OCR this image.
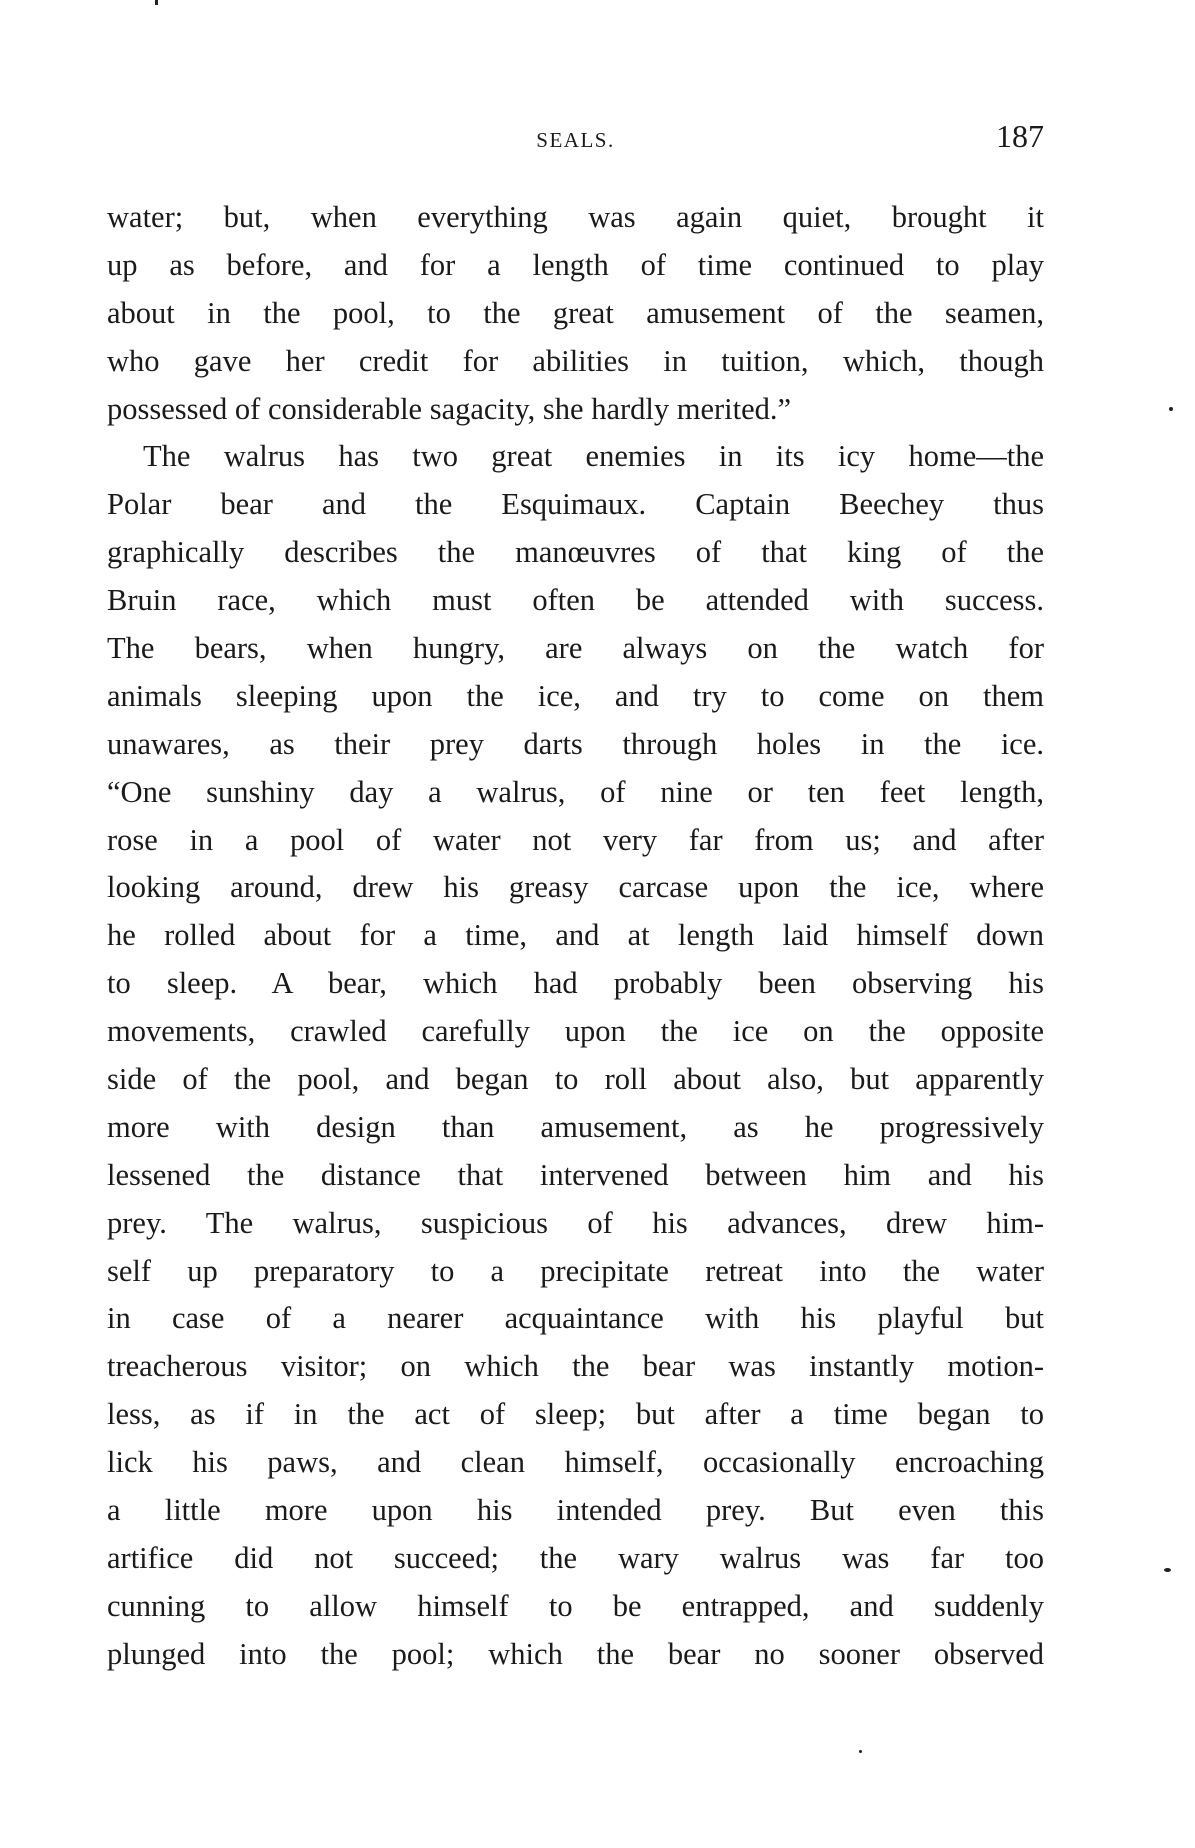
SEALS.	187
water; but, when everything was again quiet, brought it
up as before, and for a length of time continued to play
about in the pool, to the great amusement of the seamen,
who gave her credit for abilities in tuition, which, though
possessed of considerable sagacity, she hardly merited.”
The walrus has two great enemies in its icy home—the
Polar bear and the Esquimaux. Captain Beechey thus
graphically describes the manœuvres of that king of the
Bruin race, which must often be attended with success.
The bears, when hungry, are always on the watch for
animals sleeping upon the ice, and try to come on them
unawares, as their prey darts through holes in the ice.
“One sunshiny day a walrus, of nine or ten feet length,
rose in a pool of water not very far from us; and after
looking around, drew his greasy carcase upon the ice, where
he rolled about for a time, and at length laid himself down
to sleep. A bear, which had probably been observing his
movements, crawled carefully upon the ice on the opposite
side of the pool, and began to roll about also, but apparently
more with design than amusement, as he progressively
lessened the distance that intervened between him and his
prey. The walrus, suspicious of his advances, drew him-
self up preparatory to a precipitate retreat into the water
in case of a nearer acquaintance with his playful but
treacherous visitor; on which the bear was instantly motion-
less, as if in the act of sleep; but after a time began to
lick his paws, and clean himself, occasionally encroaching
a little more upon his intended prey. But even this
artifice did not succeed; the wary walrus was far too
cunning to allow himself to be entrapped, and suddenly
plunged into the pool; which the bear no sooner observed
